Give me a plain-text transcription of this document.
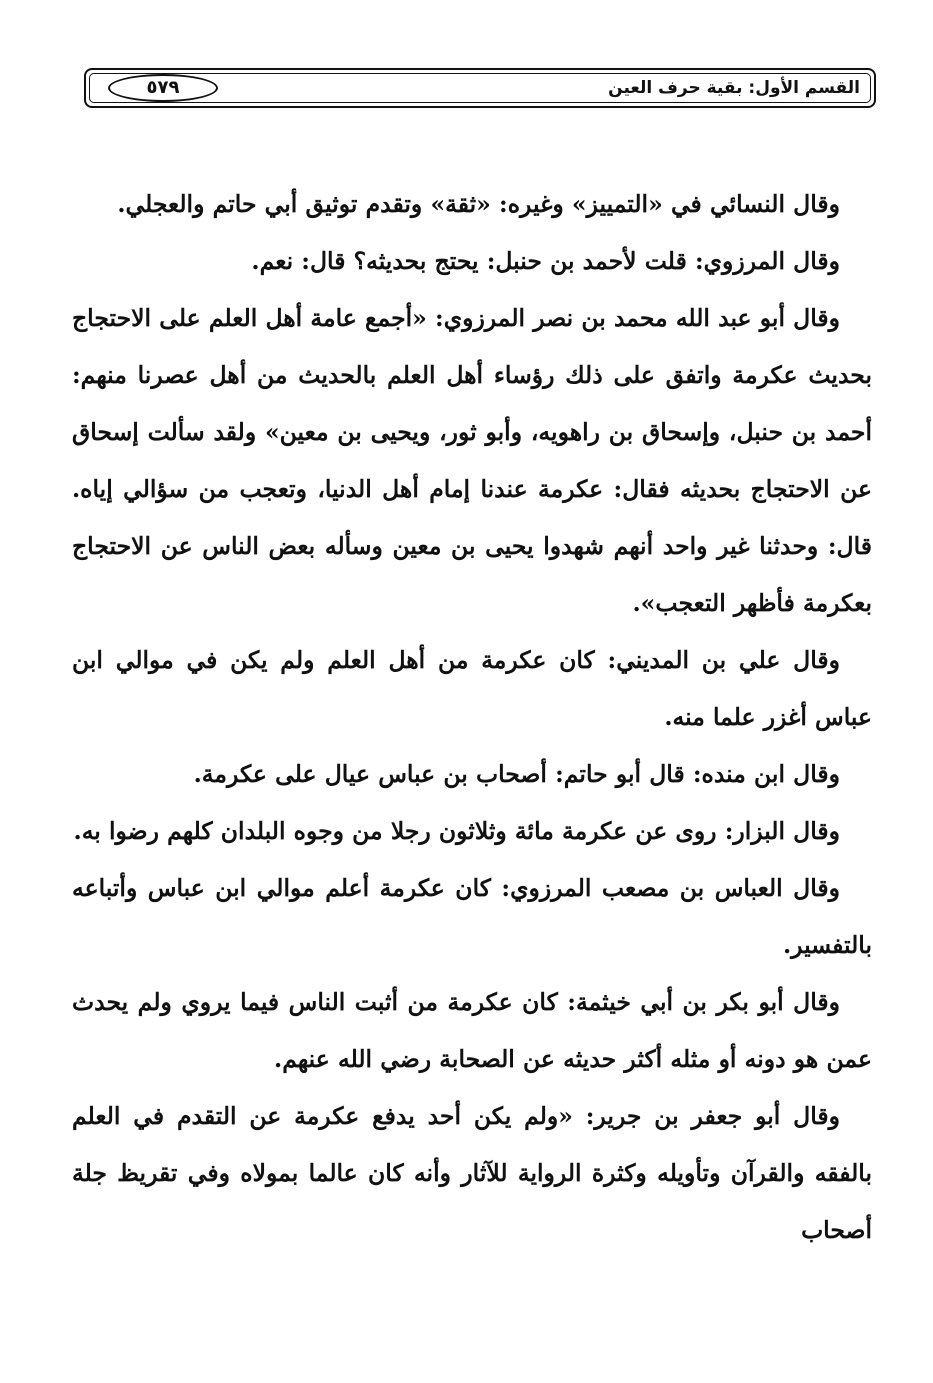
القسم الأول: بقية حرف العين
٥٧٩

وقال النسائي في «التمييز» وغيره: «ثقة» وتقدم توثيق أبي حاتم والعجلي.

وقال المرزوي: قلت لأحمد بن حنبل: يحتج بحديثه؟ قال: نعم.

وقال أبو عبد الله محمد بن نصر المرزوي: «أجمع عامة أهل العلم على الاحتجاج بحديث عكرمة واتفق على ذلك رؤساء أهل العلم بالحديث من أهل عصرنا منهم: أحمد بن حنبل، وإسحاق بن راهويه، وأبو ثور، ويحيى بن معين» ولقد سألت إسحاق عن الاحتجاج بحديثه فقال: عكرمة عندنا إمام أهل الدنيا، وتعجب من سؤالي إياه. قال: وحدثنا غير واحد أنهم شهدوا يحيى بن معين وسأله بعض الناس عن الاحتجاج بعكرمة فأظهر التعجب».

وقال علي بن المديني: كان عكرمة من أهل العلم ولم يكن في موالي ابن عباس أغزر علما منه.

وقال ابن منده: قال أبو حاتم: أصحاب بن عباس عيال على عكرمة.

وقال البزار: روى عن عكرمة مائة وثلاثون رجلا من وجوه البلدان كلهم رضوا به.

وقال العباس بن مصعب المرزوي: كان عكرمة أعلم موالي ابن عباس وأتباعه بالتفسير.

وقال أبو بكر بن أبي خيثمة: كان عكرمة من أثبت الناس فيما يروي ولم يحدث عمن هو دونه أو مثله أكثر حديثه عن الصحابة رضي الله عنهم.

وقال أبو جعفر بن جرير: «ولم يكن أحد يدفع عكرمة عن التقدم في العلم بالفقه والقرآن وتأويله وكثرة الرواية للآثار وأنه كان عالما بمولاه وفي تقريظ جلة أصحاب
